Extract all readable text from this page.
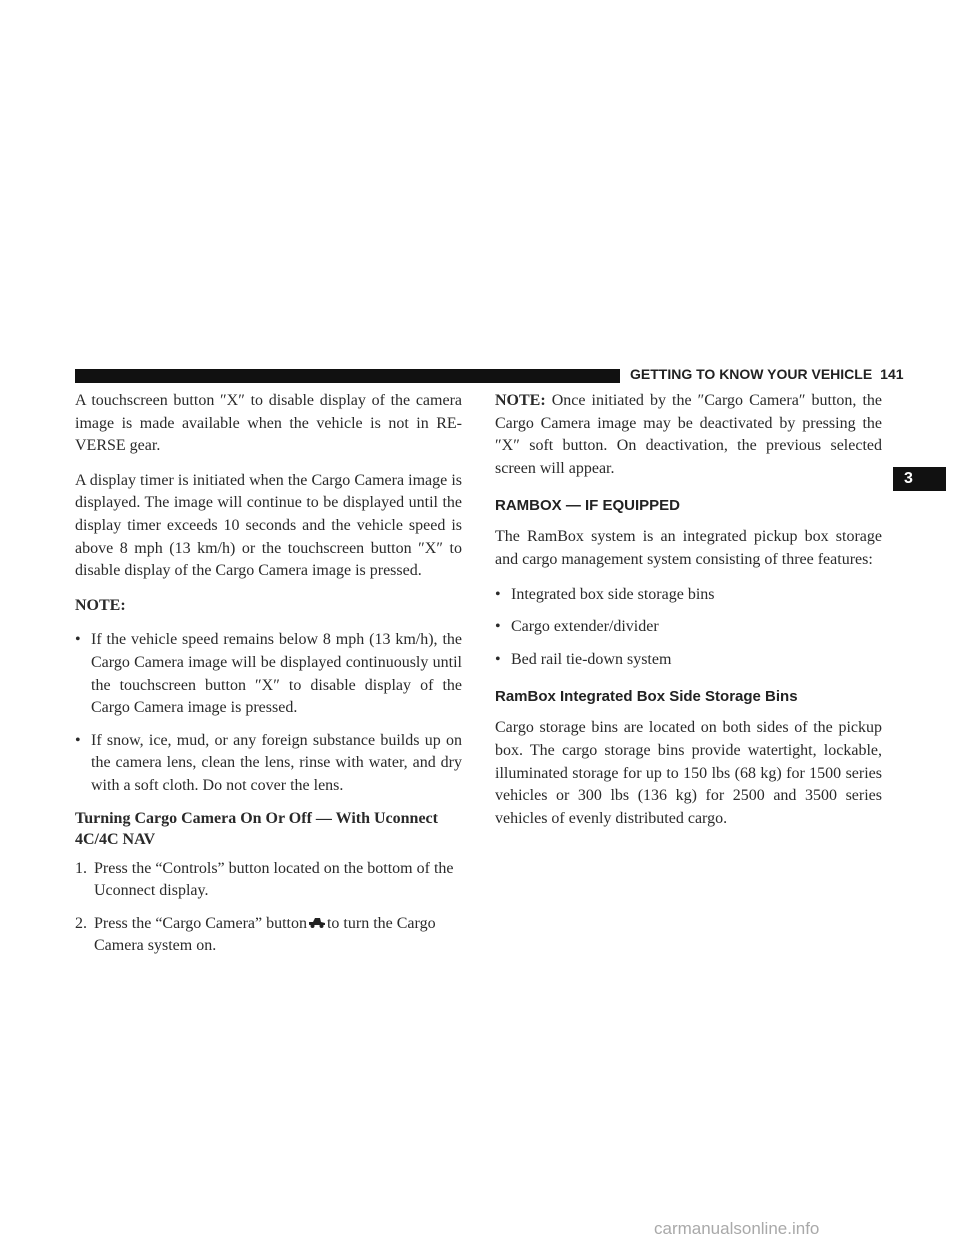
GETTING TO KNOW YOUR VEHICLE 141
3

A touchscreen button ″X″ to disable display of the camera image is made available when the vehicle is not in RE-VERSE gear.

A display timer is initiated when the Cargo Camera image is displayed. The image will continue to be displayed until the display timer exceeds 10 seconds and the vehicle speed is above 8 mph (13 km/h) or the touchscreen button ″X″ to disable display of the Cargo Camera image is pressed.

NOTE:

• If the vehicle speed remains below 8 mph (13 km/h), the Cargo Camera image will be displayed continuously until the touchscreen button ″X″ to disable display of the Cargo Camera image is pressed.
• If snow, ice, mud, or any foreign substance builds up on the camera lens, clean the lens, rinse with water, and dry with a soft cloth. Do not cover the lens.
Turning Cargo Camera On Or Off — With Uconnect 4C/4C NAV
1. Press the “Controls” button located on the bottom of the Uconnect display.
2. Press the “Cargo Camera” button to turn the Cargo Camera system on.

NOTE: Once initiated by the ″Cargo Camera″ button, the Cargo Camera image may be deactivated by pressing the ″X″ soft button. On deactivation, the previous selected screen will appear.

RAMBOX — IF EQUIPPED

The RamBox system is an integrated pickup box storage and cargo management system consisting of three features:

• Integrated box side storage bins
• Cargo extender/divider
• Bed rail tie-down system
RamBox Integrated Box Side Storage Bins

Cargo storage bins are located on both sides of the pickup box. The cargo storage bins provide watertight, lockable, illuminated storage for up to 150 lbs (68 kg) for 1500 series vehicles or 300 lbs (136 kg) for 2500 and 3500 series vehicles of evenly distributed cargo.

carmanualsonline.info
